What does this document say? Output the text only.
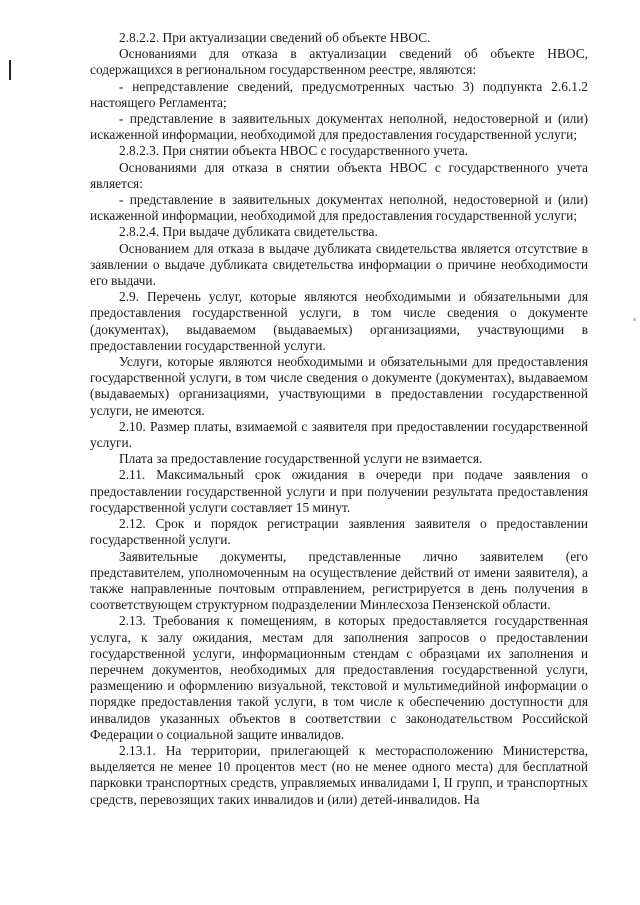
2.8.2.2. При актуализации сведений об объекте НВОС.

Основаниями для отказа в актуализации сведений об объекте НВОС, содержащихся в региональном государственном реестре, являются:

- непредставление сведений, предусмотренных частью 3) подпункта 2.6.1.2 настоящего Регламента;

- представление в заявительных документах неполной, недостоверной и (или) искаженной информации, необходимой для предоставления государственной услуги;

2.8.2.3. При снятии объекта НВОС с государственного учета.

Основаниями для отказа в снятии объекта НВОС с государственного учета является:

- представление в заявительных документах неполной, недостоверной и (или) искаженной информации, необходимой для предоставления государственной услуги;

2.8.2.4. При выдаче дубликата свидетельства.

Основанием для отказа в выдаче дубликата свидетельства является отсутствие в заявлении о выдаче дубликата свидетельства информации о причине необходимости его выдачи.

2.9. Перечень услуг, которые являются необходимыми и обязательными для предоставления государственной услуги, в том числе сведения о документе (документах), выдаваемом (выдаваемых) организациями, участвующими в предоставлении государственной услуги.

Услуги, которые являются необходимыми и обязательными для предоставления государственной услуги, в том числе сведения о документе (документах), выдаваемом (выдаваемых) организациями, участвующими в предоставлении государственной услуги, не имеются.

2.10. Размер платы, взимаемой с заявителя при предоставлении государственной услуги.

Плата за предоставление государственной услуги не взимается.

2.11. Максимальный срок ожидания в очереди при подаче заявления о предоставлении государственной услуги и при получении результата предоставления государственной услуги составляет 15 минут.

2.12. Срок и порядок регистрации заявления заявителя о предоставлении государственной услуги.

Заявительные документы, представленные лично заявителем (его представителем, уполномоченным на осуществление действий от имени заявителя), а также направленные почтовым отправлением, регистрируется в день получения в соответствующем структурном подразделении Минлесхоза Пензенской области.

2.13. Требования к помещениям, в которых предоставляется государственная услуга, к залу ожидания, местам для заполнения запросов о предоставлении государственной услуги, информационным стендам с образцами их заполнения и перечнем документов, необходимых для предоставления государственной услуги, размещению и оформлению визуальной, текстовой и мультимедийной информации о порядке предоставления такой услуги, в том числе к обеспечению доступности для инвалидов указанных объектов в соответствии с законодательством Российской Федерации о социальной защите инвалидов.

2.13.1. На территории, прилегающей к месторасположению Министерства, выделяется не менее 10 процентов мест (но не менее одного места) для бесплатной парковки транспортных средств, управляемых инвалидами I, II групп, и транспортных средств, перевозящих таких инвалидов и (или) детей-инвалидов. На
